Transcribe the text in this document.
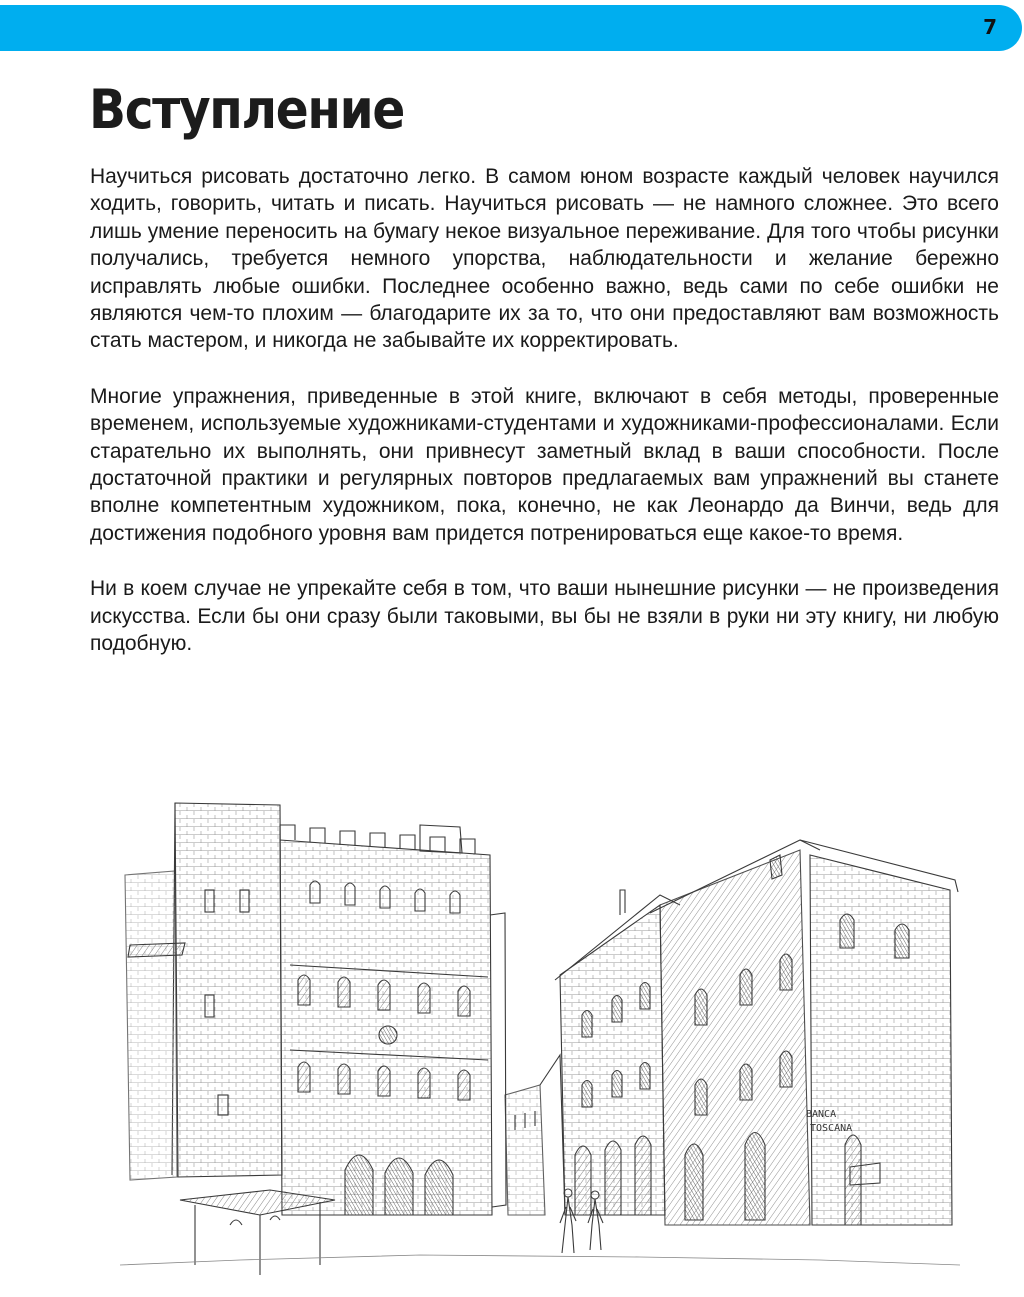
7
Вступление

Научиться рисовать достаточно легко. В самом юном возрасте каждый человек научился ходить, говорить, читать и писать. Научиться рисовать — не намного сложнее. Это всего лишь умение переносить на бумагу некое визуальное переживание. Для того чтобы рисунки получались, требуется немного упорства, наблюдательности и желание бережно исправлять любые ошибки. Последнее особенно важно, ведь сами по себе ошибки не являются чем-то плохим — благодарите их за то, что они предоставляют вам возможность стать мастером, и никогда не забывайте их корректировать.

Многие упражнения, приведенные в этой книге, включают в себя методы, проверенные временем, используемые художниками-студентами и художниками-профессионалами. Если старательно их выполнять, они привнесут заметный вклад в ваши способности. После достаточной практики и регулярных повторов предлагаемых вам упражнений вы станете вполне компетентным художником, пока, конечно, не как Леонардо да Винчи, ведь для достижения подобного уровня вам придется потренироваться еще какое-то время.

Ни в коем случае не упрекайте себя в том, что ваши нынешние рисунки — не произведения искусства. Если бы они сразу были таковыми, вы бы не взяли в руки ни эту книгу, ни любую подобную.

BANCA
TOSCANA
